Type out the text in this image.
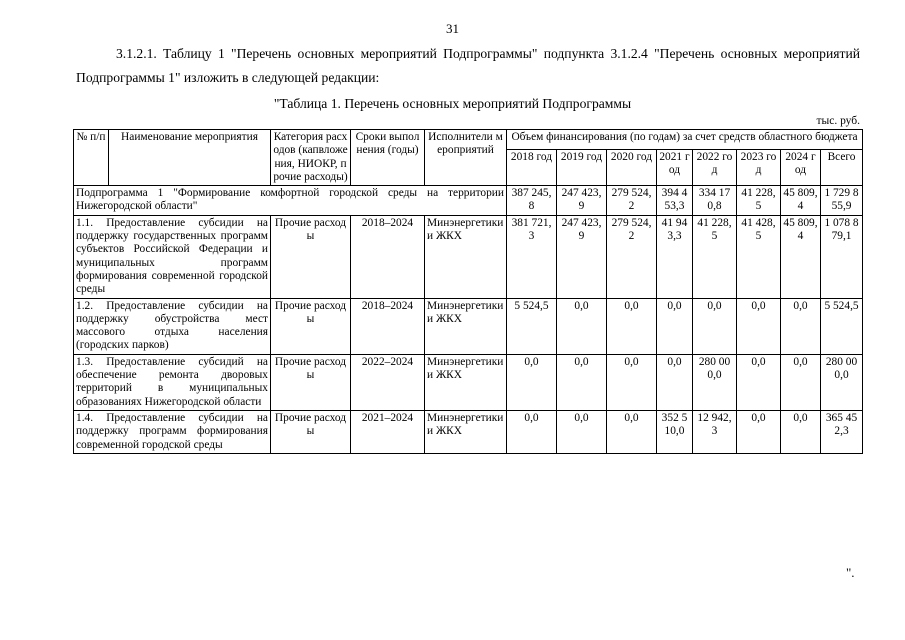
31
3.1.2.1. Таблицу 1 "Перечень основных мероприятий Подпрограммы" подпункта 3.1.2.4 "Перечень основных мероприятий Подпрограммы 1" изложить в следующей редакции:
"Таблица 1. Перечень основных мероприятий Подпрограммы
тыс. руб.
№ п/п	Наименование мероприятия	Категория расходов (капвложения, НИОКР, прочие расходы)	Сроки выполнения (годы)	Исполнители мероприятий	Объем финансирования (по годам) за счет средств областного бюджета							
					2018 год	2019 год	2020 год	2021 год	2022 год	2023 год	2024 год	Всего
Подпрограмма 1 "Формирование комфортной городской среды на территории Нижегородской области"					387 245,8	247 423,9	279 524,2	394 453,3	334 170,8	41 228,5	45 809,4	1 729 855,9
1.1. Предоставление субсидии на поддержку государственных программ субъектов Российской Федерации и муниципальных программ формирования современной городской среды		Прочие расходы	2018–2024	Минэнергетики и ЖКХ	381 721,3	247 423,9	279 524,2	41 943,3	41 228,5	41 428,5	45 809,4	1 078 879,1
1.2. Предоставление субсидии на поддержку обустройства мест массового отдыха населения (городских парков)		Прочие расходы	2018–2024	Минэнергетики и ЖКХ	5 524,5	0,0	0,0	0,0	0,0	0,0	0,0	5 524,5
1.3. Предоставление субсидий на обеспечение ремонта дворовых территорий в муниципальных образованиях Нижегородской области		Прочие расходы	2022–2024	Минэнергетики и ЖКХ	0,0	0,0	0,0	0,0	280 000,0	0,0	0,0	280 000,0
1.4. Предоставление субсидии на поддержку программ формирования современной городской среды		Прочие расходы	2021–2024	Минэнергетики и ЖКХ	0,0	0,0	0,0	352 510,0	12 942,3	0,0	0,0	365 452,3
".
